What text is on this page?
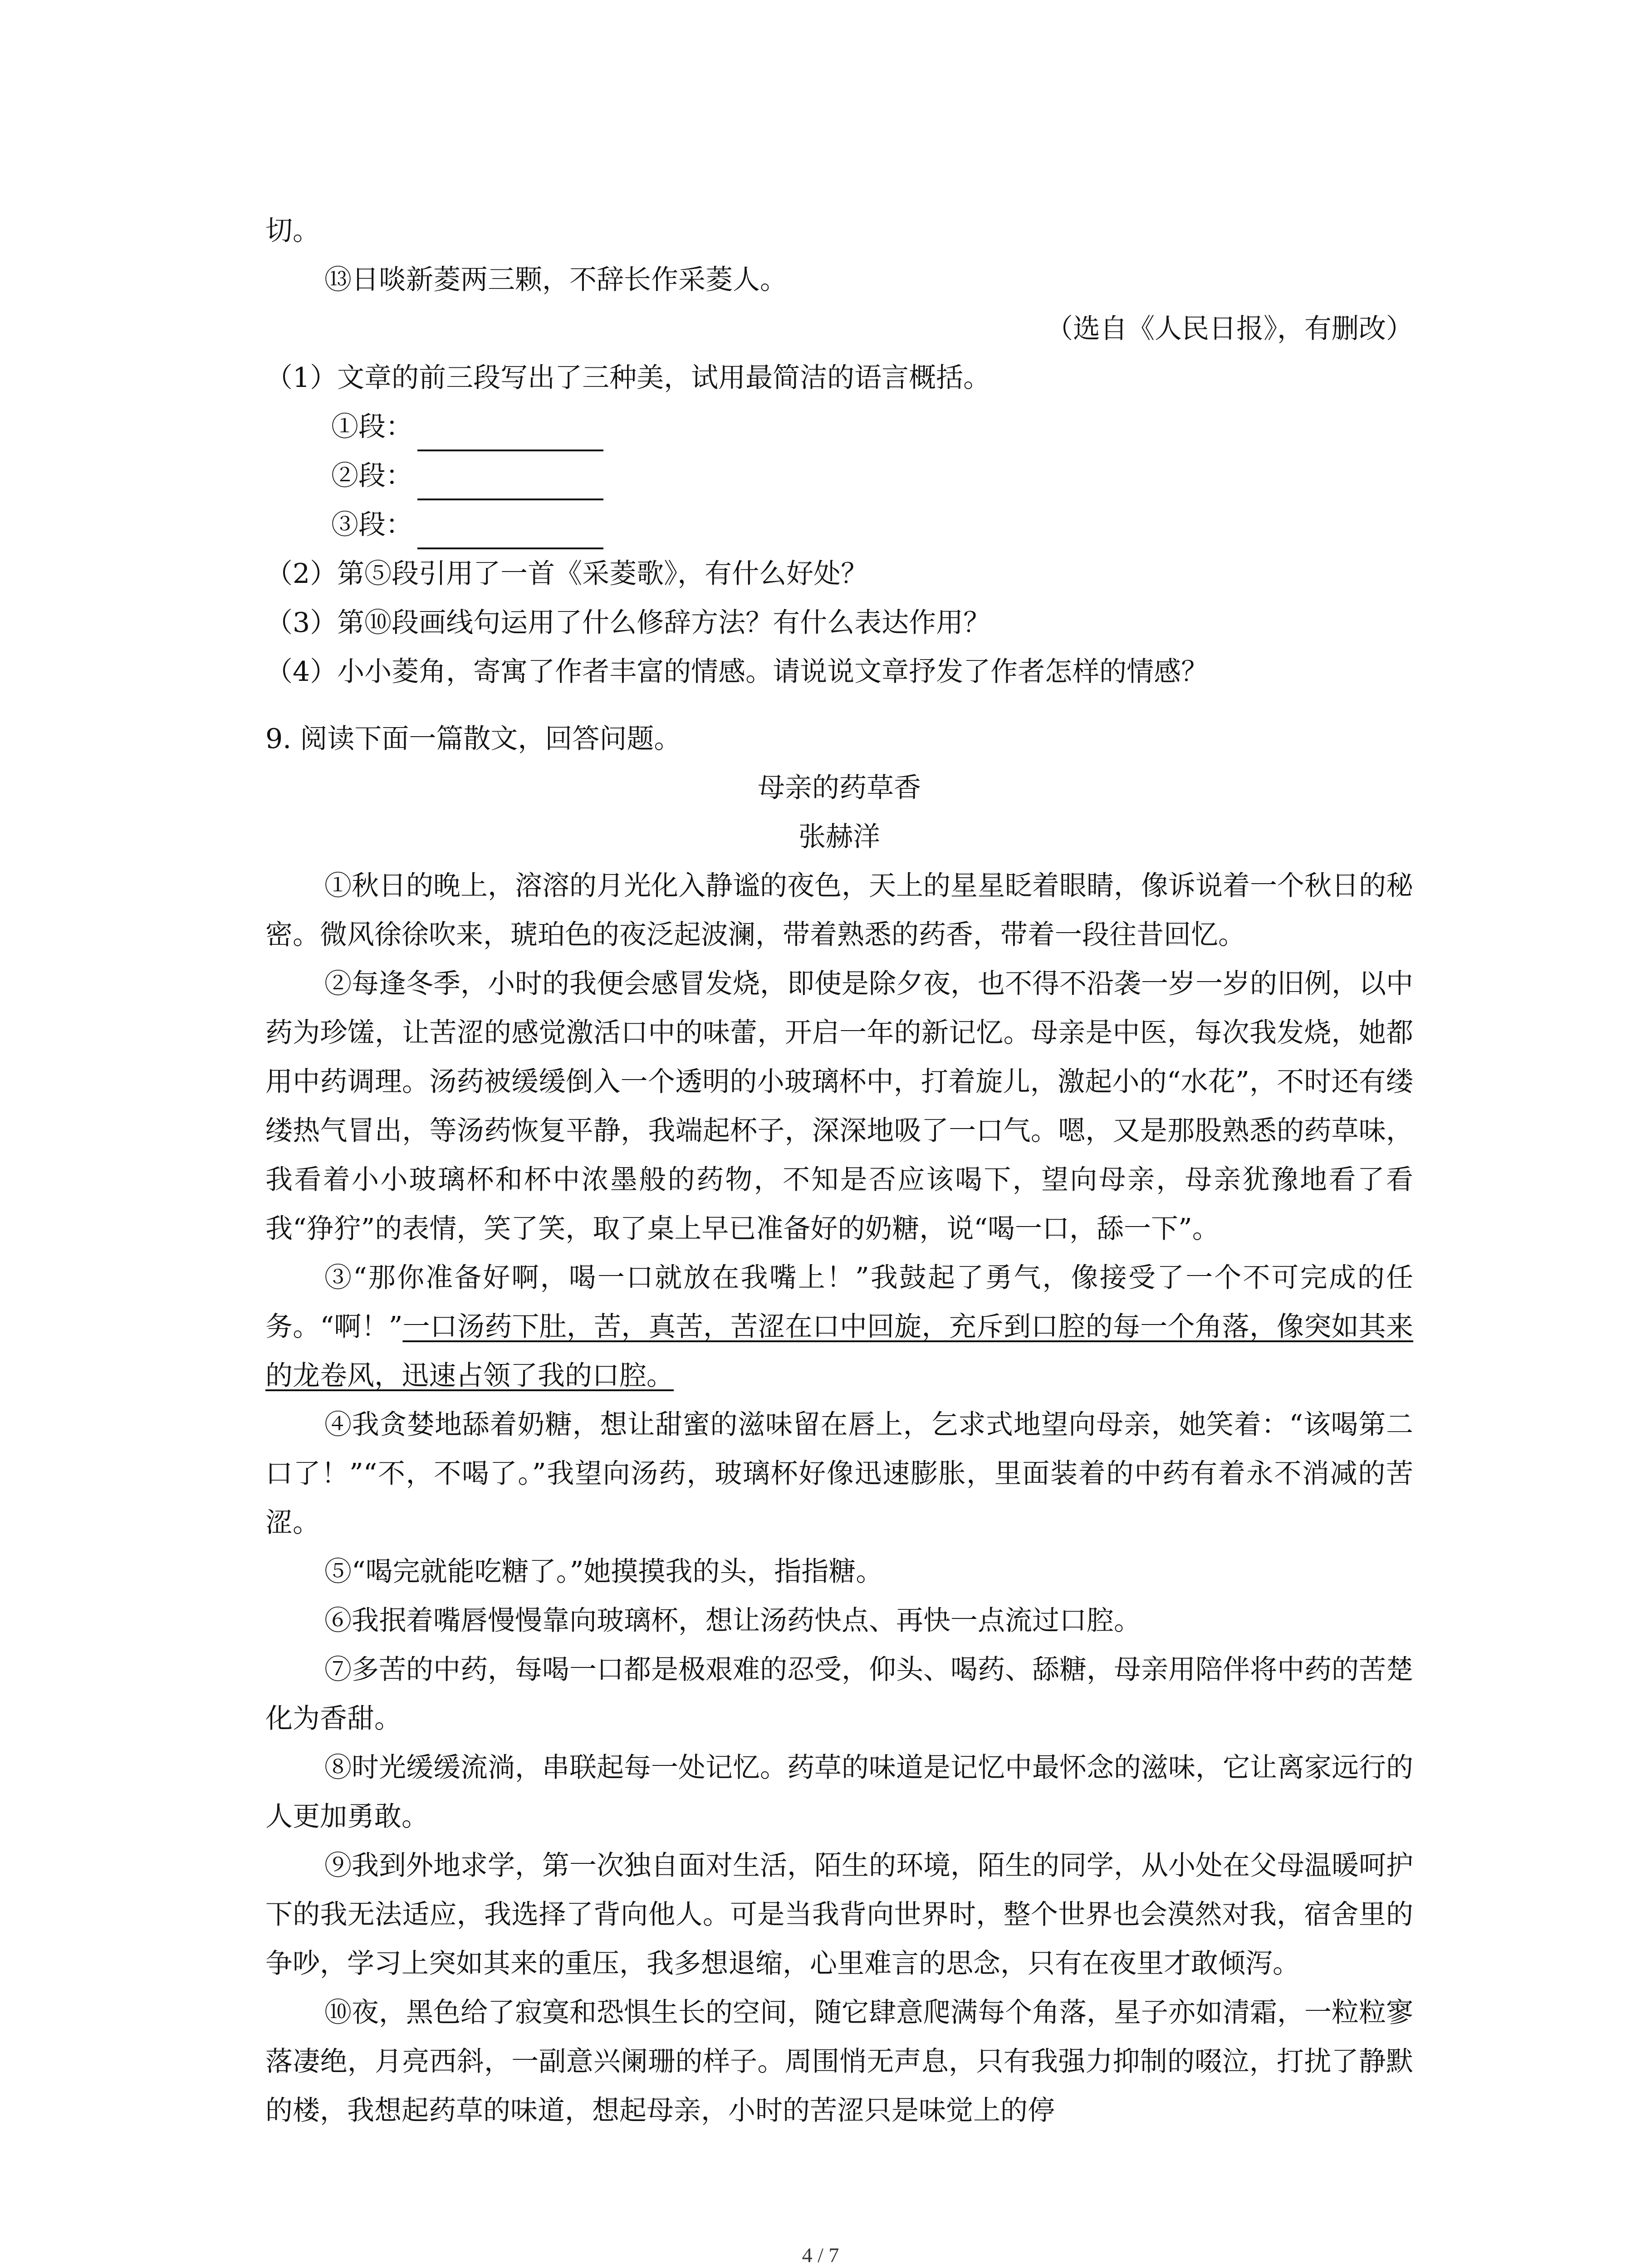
切。
⑬日啖新菱两三颗，不辞长作采菱人。
（选自《人民日报》，有删改）
（1）文章的前三段写出了三种美，试用最简洁的语言概括。
①段：
②段：
③段：
（2）第⑤段引用了一首《采菱歌》，有什么好处？
（3）第⑩段画线句运用了什么修辞方法？有什么表达作用？
（4）小小菱角，寄寓了作者丰富的情感。请说说文章抒发了作者怎样的情感？
9. 阅读下面一篇散文，回答问题。
母亲的药草香
张赫洋
①秋日的晚上，溶溶的月光化入静谧的夜色，天上的星星眨着眼睛，像诉说着一个秋日的秘密。微风徐徐吹来，琥珀色的夜泛起波澜，带着熟悉的药香，带着一段往昔回忆。
②每逢冬季，小时的我便会感冒发烧，即使是除夕夜，也不得不沿袭一岁一岁的旧例，以中药为珍馐，让苦涩的感觉激活口中的味蕾，开启一年的新记忆。母亲是中医，每次我发烧，她都用中药调理。汤药被缓缓倒入一个透明的小玻璃杯中，打着旋儿，激起小的“水花”，不时还有缕缕热气冒出，等汤药恢复平静，我端起杯子，深深地吸了一口气。嗯，又是那股熟悉的药草味，我看着小小玻璃杯和杯中浓墨般的药物，不知是否应该喝下，望向母亲，母亲犹豫地看了看我“狰狞”的表情，笑了笑，取了桌上早已准备好的奶糖，说“喝一口，舔一下”。
③“那你准备好啊，喝一口就放在我嘴上！”我鼓起了勇气，像接受了一个不可完成的任务。“啊！”一口汤药下肚，苦，真苦，苦涩在口中回旋，充斥到口腔的每一个角落，像突如其来的龙卷风，迅速占领了我的口腔。
④我贪婪地舔着奶糖，想让甜蜜的滋味留在唇上，乞求式地望向母亲，她笑着：“该喝第二口了！”“不，不喝了。”我望向汤药，玻璃杯好像迅速膨胀，里面装着的中药有着永不消减的苦涩。
⑤“喝完就能吃糖了。”她摸摸我的头，指指糖。
⑥我抿着嘴唇慢慢靠向玻璃杯，想让汤药快点、再快一点流过口腔。
⑦多苦的中药，每喝一口都是极艰难的忍受，仰头、喝药、舔糖，母亲用陪伴将中药的苦楚化为香甜。
⑧时光缓缓流淌，串联起每一处记忆。药草的味道是记忆中最怀念的滋味，它让离家远行的人更加勇敢。
⑨我到外地求学，第一次独自面对生活，陌生的环境，陌生的同学，从小处在父母温暖呵护下的我无法适应，我选择了背向他人。可是当我背向世界时，整个世界也会漠然对我，宿舍里的争吵，学习上突如其来的重压，我多想退缩，心里难言的思念，只有在夜里才敢倾泻。
⑩夜，黑色给了寂寞和恐惧生长的空间，随它肆意爬满每个角落，星子亦如清霜，一粒粒寥落凄绝，月亮西斜，一副意兴阑珊的样子。周围悄无声息，只有我强力抑制的啜泣，打扰了静默的楼，我想起药草的味道，想起母亲，小时的苦涩只是味觉上的停
4 / 7
